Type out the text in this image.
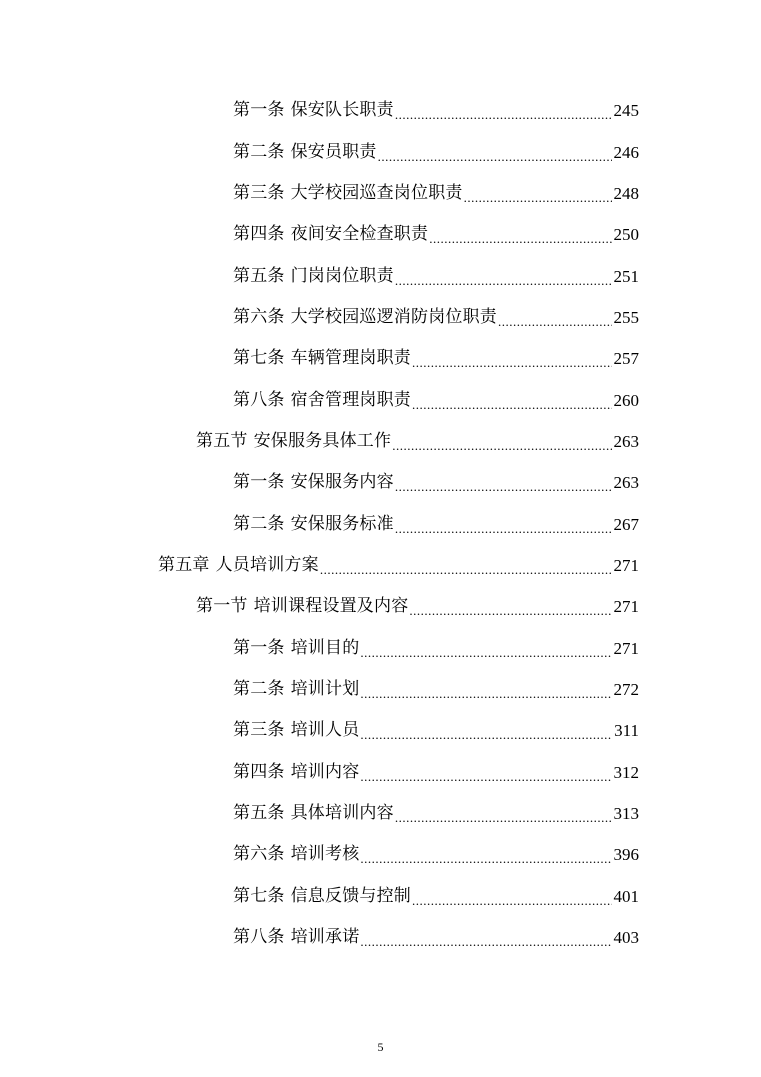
第一条 保安队长职责 .....	245
第二条 保安员职责 .....	246
第三条 大学校园巡查岗位职责 .....	248
第四条 夜间安全检查职责 .....	250
第五条 门岗岗位职责 .....	251
第六条 大学校园巡逻消防岗位职责 .....	255
第七条 车辆管理岗职责 .....	257
第八条 宿舍管理岗职责 .....	260
第五节 安保服务具体工作 .....	263
第一条 安保服务内容 .....	263
第二条 安保服务标准 .....	267
第五章 人员培训方案 .....	271
第一节 培训课程设置及内容 .....	271
第一条 培训目的 .....	271
第二条 培训计划 .....	272
第三条 培训人员 .....	311
第四条 培训内容 .....	312
第五条 具体培训内容 .....	313
第六条 培训考核 .....	396
第七条 信息反馈与控制 .....	401
第八条 培训承诺 .....	403
5
